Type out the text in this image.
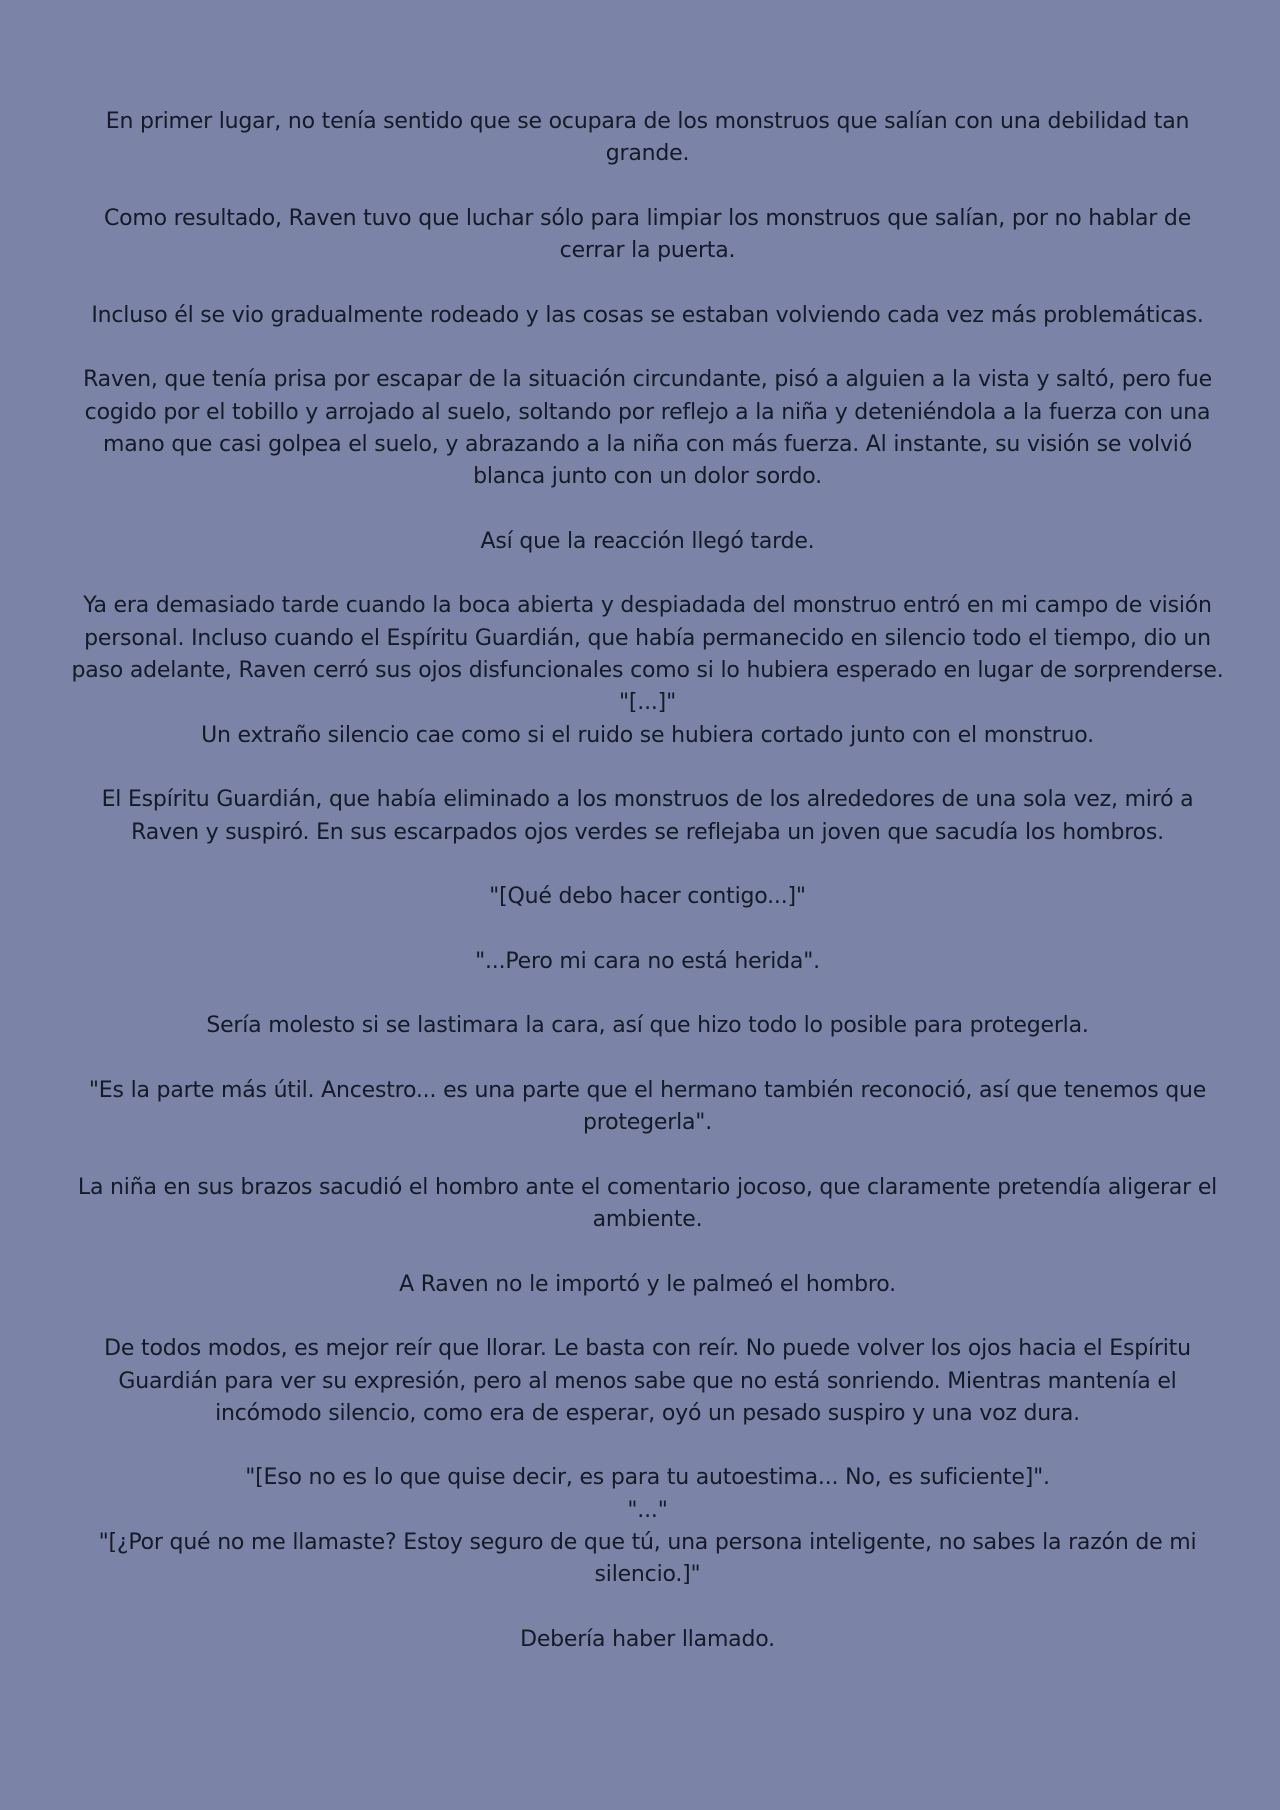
En primer lugar, no tenía sentido que se ocupara de los monstruos que salían con una debilidad tan grande.

Como resultado, Raven tuvo que luchar sólo para limpiar los monstruos que salían, por no hablar de cerrar la puerta.

Incluso él se vio gradualmente rodeado y las cosas se estaban volviendo cada vez más problemáticas.

Raven, que tenía prisa por escapar de la situación circundante, pisó a alguien a la vista y saltó, pero fue cogido por el tobillo y arrojado al suelo, soltando por reflejo a la niña y deteniéndola a la fuerza con una mano que casi golpea el suelo, y abrazando a la niña con más fuerza. Al instante, su visión se volvió blanca junto con un dolor sordo.

Así que la reacción llegó tarde.

Ya era demasiado tarde cuando la boca abierta y despiadada del monstruo entró en mi campo de visión personal. Incluso cuando el Espíritu Guardián, que había permanecido en silencio todo el tiempo, dio un paso adelante, Raven cerró sus ojos disfuncionales como si lo hubiera esperado en lugar de sorprenderse.

"[...]"

Un extraño silencio cae como si el ruido se hubiera cortado junto con el monstruo.

El Espíritu Guardián, que había eliminado a los monstruos de los alrededores de una sola vez, miró a Raven y suspiró. En sus escarpados ojos verdes se reflejaba un joven que sacudía los hombros.

"[Qué debo hacer contigo...]"

"...Pero mi cara no está herida".

Sería molesto si se lastimara la cara, así que hizo todo lo posible para protegerla.

"Es la parte más útil. Ancestro... es una parte que el hermano también reconoció, así que tenemos que protegerla".

La niña en sus brazos sacudió el hombro ante el comentario jocoso, que claramente pretendía aligerar el ambiente.

A Raven no le importó y le palmeó el hombro.

De todos modos, es mejor reír que llorar. Le basta con reír. No puede volver los ojos hacia el Espíritu Guardián para ver su expresión, pero al menos sabe que no está sonriendo. Mientras mantenía el incómodo silencio, como era de esperar, oyó un pesado suspiro y una voz dura.

"[Eso no es lo que quise decir, es para tu autoestima... No, es suficiente]".

"..."

"[¿Por qué no me llamaste? Estoy seguro de que tú, una persona inteligente, no sabes la razón de mi silencio.]"

Debería haber llamado.
